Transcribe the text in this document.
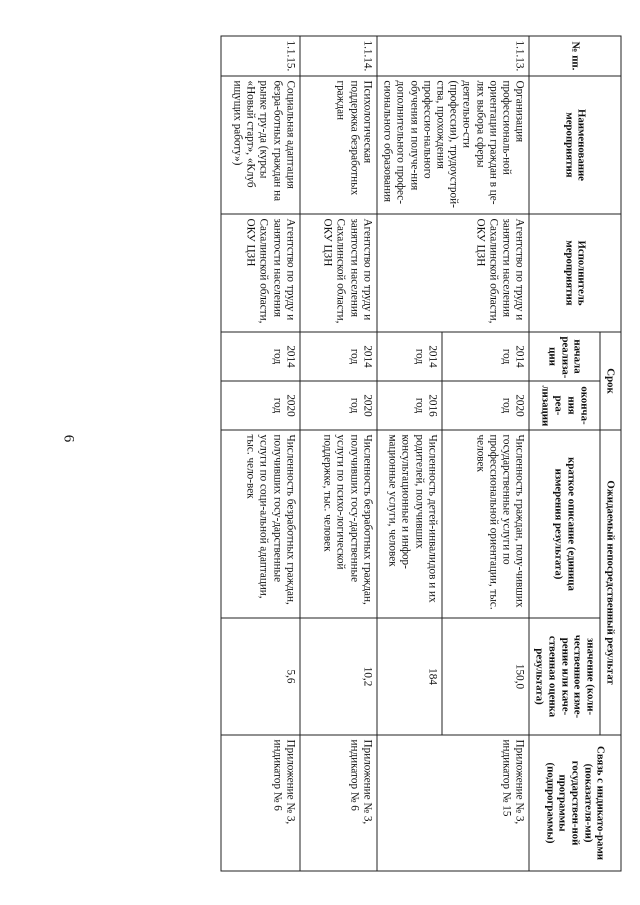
6
№ пп.	Наименование мероприятия	Исполнитель мероприятия	Срок		Ожидаемый непосредственный результат		Связь с индикато-рами (показателя-ми) государствен-ной программы (подпрограммы)
			начала реализа-ции	оконча-ния реа-лизации	краткое описание (единица измерения результата)	значение (коли-чественное изме-рение или каче-ственная оценка результата)	
1.1.13.	Организация профессиональ-ной ориентации граждан в це-лях выбора сферы деятельно-сти (профессии), трудоустрой-ства, прохождения профессио-нального обучения и получе-ния дополнительного профес-сионального образования	Агентство по труду и занятости населения Сахалинской области, ОКУ ЦЗН	2014 год	2020 год	Численность граждан, полу-чивших государственные услуги по профессиональной ориентации, тыс. человек	150,0	Приложение № 3, индикатор № 15
			2014 год	2016 год	Численность детей-инвалидов и их родителей, получивших консультационные и инфор-мационные услуги, человек	184	
1.1.14.	Психологическая поддержка безработных граждан	Агентство по труду и занятости населения Сахалинской области, ОКУ ЦЗН	2014 год	2020 год	Численность безработных граждан, получивших госу-дарственные услуги по психо-логической поддержке, тыс. человек	10,2	Приложение № 3, индикатор № 6
1.1.15.	Социальная адаптация безра-ботных граждан на рынке тру-да (курсы «Новый старт», «Клуб ищущих работу»)	Агентство по труду и занятости населения Сахалинской области, ОКУ ЦЗН	2014 год	2020 год	Численность безработных граждан, получивших госу-дарственные услуги по соци-альной адаптации, тыс. чело-век	5,6	Приложение № 3, индикатор № 6
